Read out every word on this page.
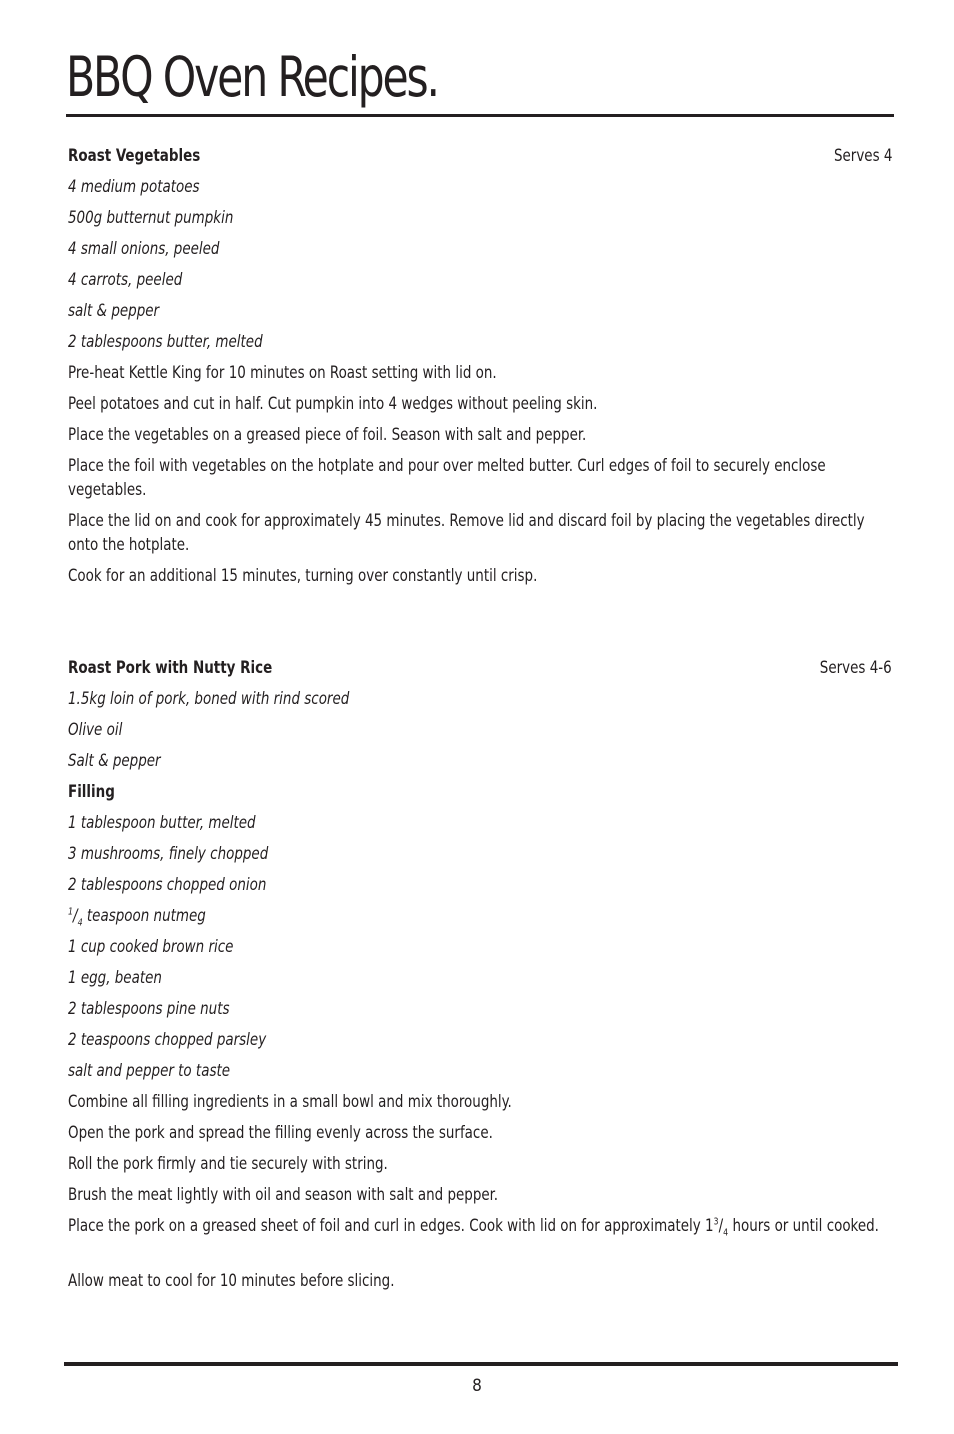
BBQ Oven Recipes.
Roast Vegetables	Serves 4
4 medium potatoes
500g butternut pumpkin
4 small onions, peeled
4 carrots, peeled
salt & pepper
2 tablespoons butter, melted
Pre-heat Kettle King for 10 minutes on Roast setting with lid on.
Peel potatoes and cut in half. Cut pumpkin into 4 wedges without peeling skin.
Place the vegetables on a greased piece of foil. Season with salt and pepper.
Place the foil with vegetables on the hotplate and pour over melted butter. Curl edges of foil to securely enclose vegetables.
Place the lid on and cook for approximately 45 minutes. Remove lid and discard foil by placing the vegetables directly onto the hotplate.
Cook for an additional 15 minutes, turning over constantly until crisp.
Roast Pork with Nutty Rice	Serves 4-6
1.5kg loin of pork, boned with rind scored
Olive oil
Salt & pepper
Filling
1 tablespoon butter, melted
3 mushrooms, finely chopped
2 tablespoons chopped onion
$^1/_4$ teaspoon nutmeg
1 cup cooked brown rice
1 egg, beaten
2 tablespoons pine nuts
2 teaspoons chopped parsley
salt and pepper to taste
Combine all filling ingredients in a small bowl and mix thoroughly.
Open the pork and spread the filling evenly across the surface.
Roll the pork firmly and tie securely with string.
Brush the meat lightly with oil and season with salt and pepper.
Place the pork on a greased sheet of foil and curl in edges. Cook with lid on for approximately $1^3/_4$ hours or until cooked.
Allow meat to cool for 10 minutes before slicing.
8
